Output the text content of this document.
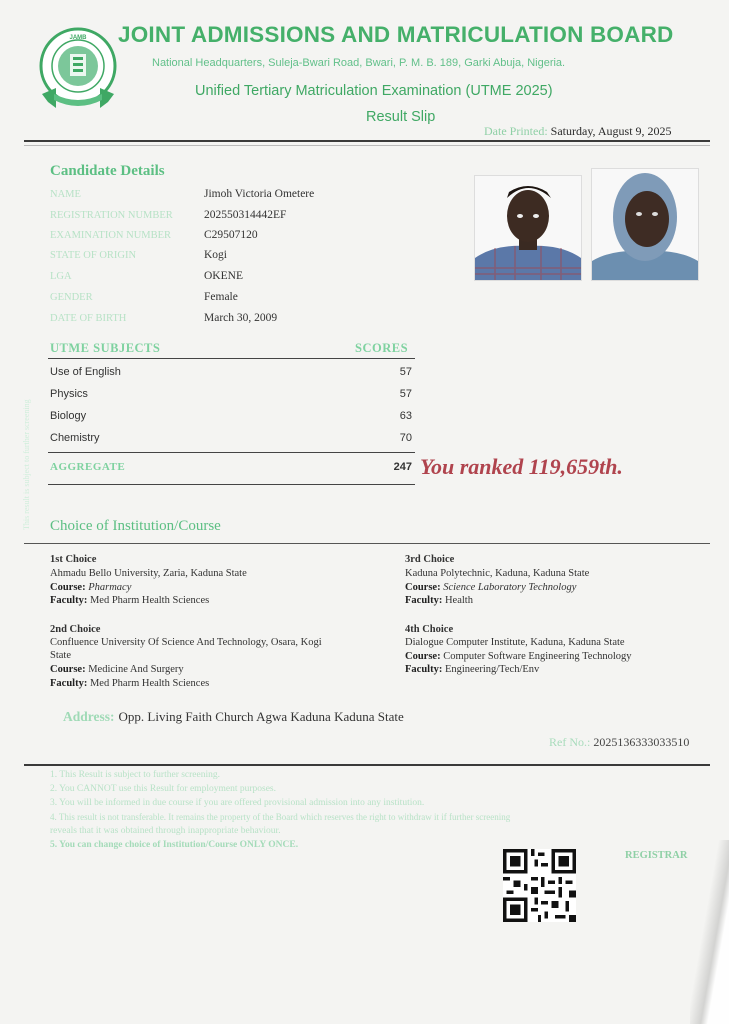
JAMB JOINT ADMISSIONS AND MATRICULATION BOARD
National Headquarters, Suleja-Bwari Road, Bwari, P. M. B. 189, Garki Abuja, Nigeria.
Unified Tertiary Matriculation Examination (UTME 2025)
Result Slip
Date Printed: Saturday, August 9, 2025
This result is subject to further screening
Candidate Details
NAME	Jimoh Victoria Ometere
REGISTRATION NUMBER	202550314442EF
EXAMINATION NUMBER	C29507120
STATE OF ORIGIN	Kogi
LGA	OKENE
GENDER	Female
DATE OF BIRTH	March 30, 2009
UTME SUBJECTS	SCORES
Use of English	57
Physics	57
Biology	63
Chemistry	70
AGGREGATE	247 You ranked 119,659th.
Choice of Institution/Course
1st Choice
Ahmadu Bello University, Zaria, Kaduna State
Course: Pharmacy
Faculty: Med Pharm Health Sciences
2nd Choice
Confluence University Of Science And Technology, Osara, Kogi
State
Course: Medicine And Surgery
Faculty: Med Pharm Health Sciences
3rd Choice
Kaduna Polytechnic, Kaduna, Kaduna State
Course: Science Laboratory Technology
Faculty: Health
4th Choice
Dialogue Computer Institute, Kaduna, Kaduna State
Course: Computer Software Engineering Technology
Faculty: Engineering/Tech/Env
Address: Opp. Living Faith Church Agwa Kaduna Kaduna State
Ref No.: 2025136333033510
1. This Result is subject to further screening.
2. You CANNOT use this Result for employment purposes.
3. You will be informed in due course if you are offered provisional admission into any institution.
4. This result is not transferable. It remains the property of the Board which reserves the right to withdraw it if further screening
reveals that it was obtained through inappropriate behaviour.
5. You can change choice of Institution/Course ONLY ONCE.
REGISTRAR
